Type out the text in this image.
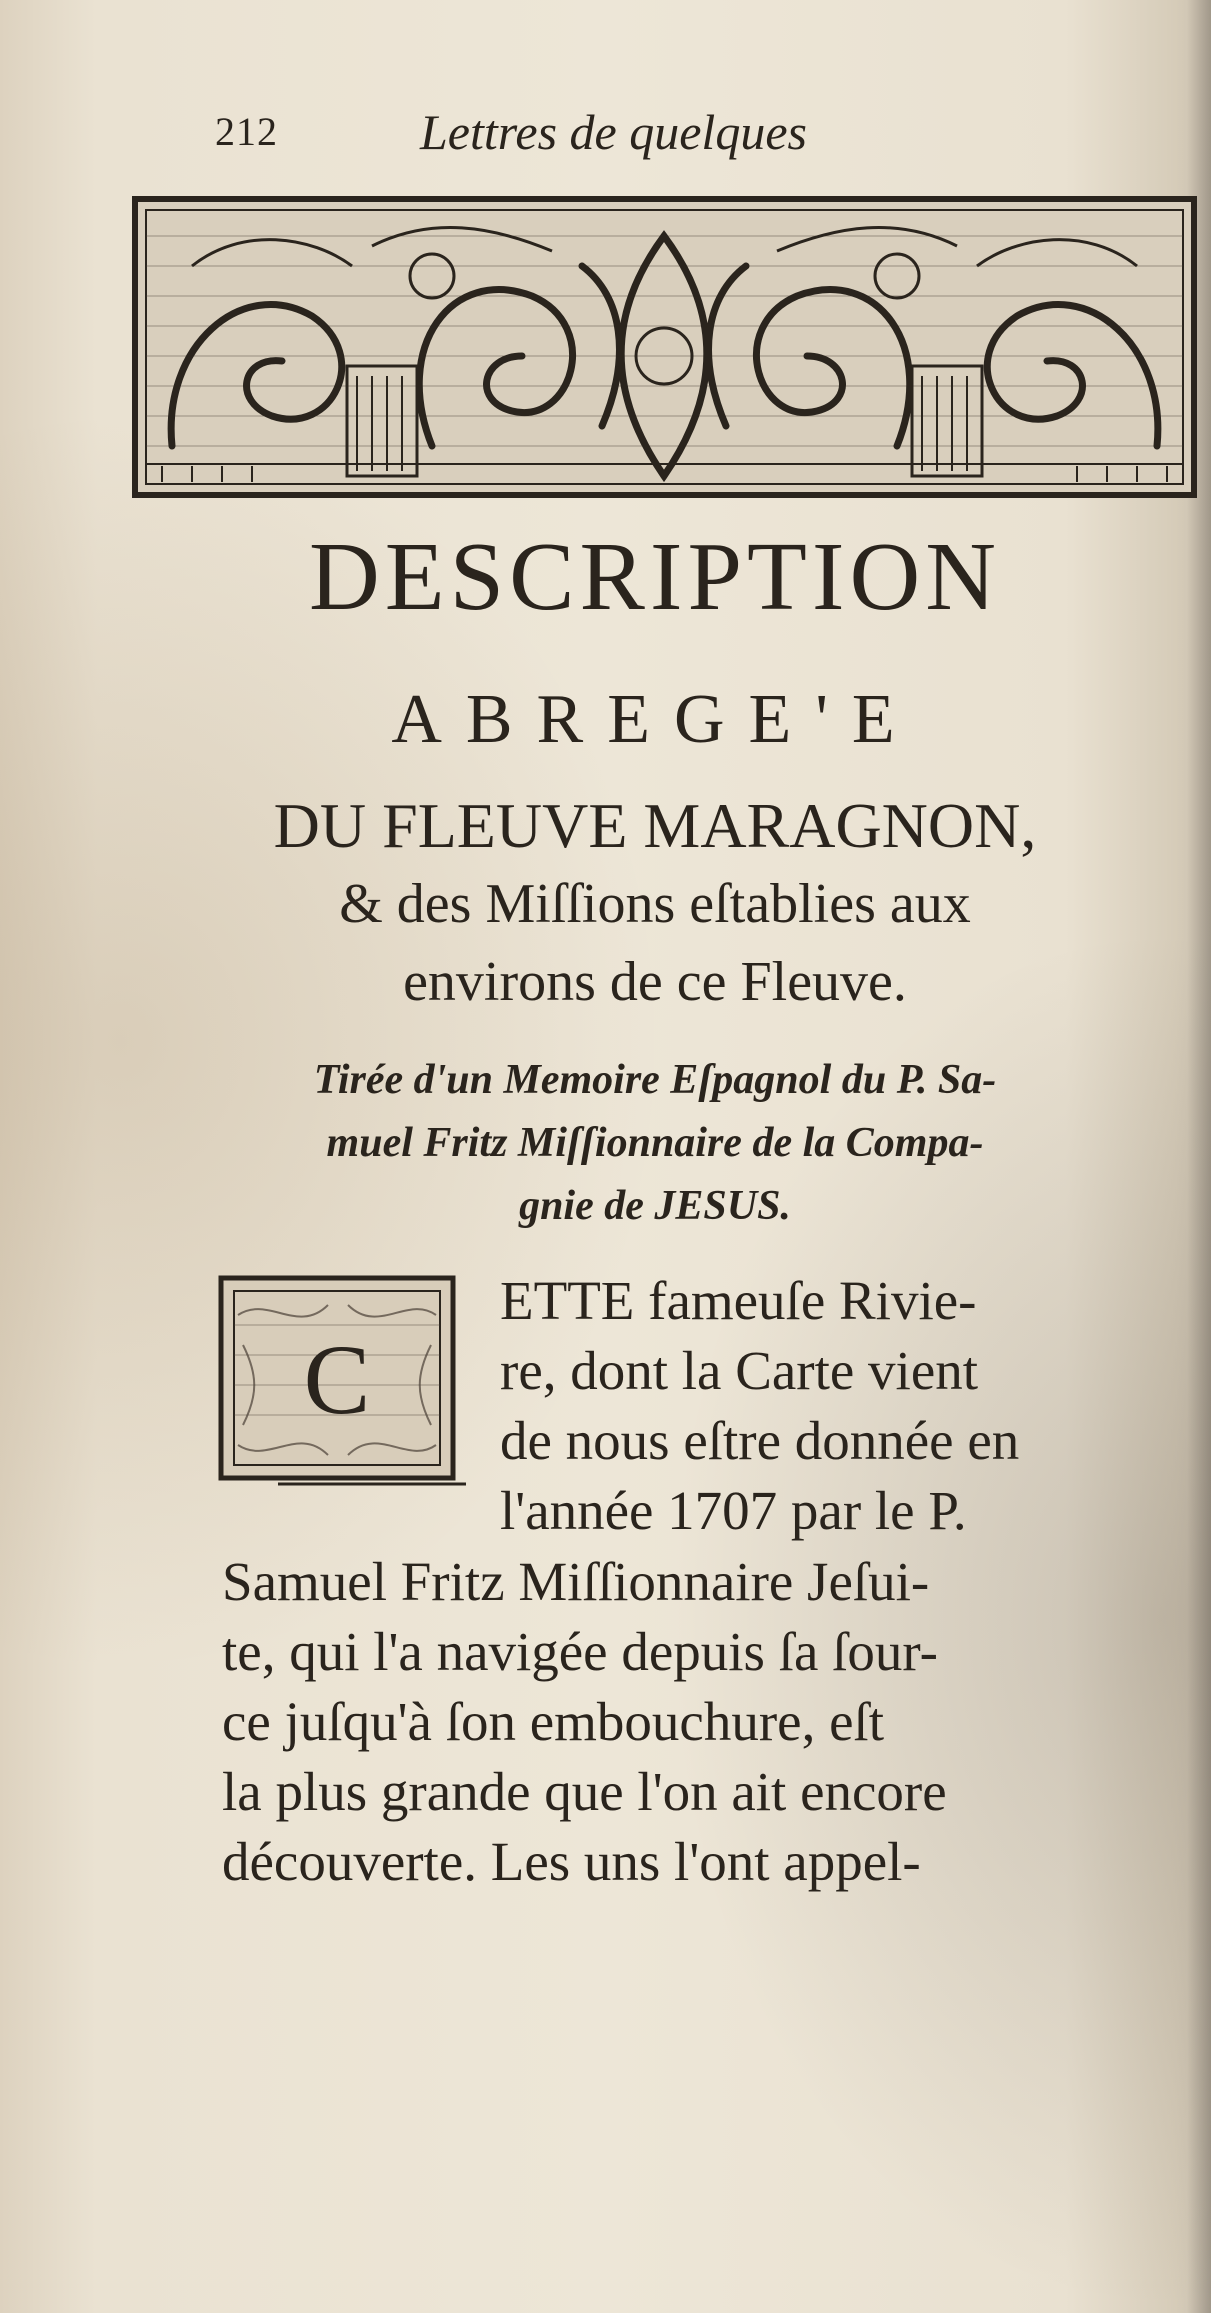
212	Lettres de quelques
DESCRIPTION
ABREGE'E
DU FLEUVE MARAGNON,
& des Miſſions eſtablies aux
environs de ce Fleuve.
Tirée d'un Memoire Eſpagnol du P. Sa-
muel Fritz Miſſionnaire de la Compa-
gnie de JESUS.
C
ETTE fameuſe Rivie-
re, dont la Carte vient
de nous eſtre donnée en
l'année 1707 par le P.
Samuel Fritz Miſſionnaire Jeſui-
te, qui l'a navigée depuis ſa ſour-
ce juſqu'à ſon embouchure, eſt
la plus grande que l'on ait encore
découverte. Les uns l'ont appel-
